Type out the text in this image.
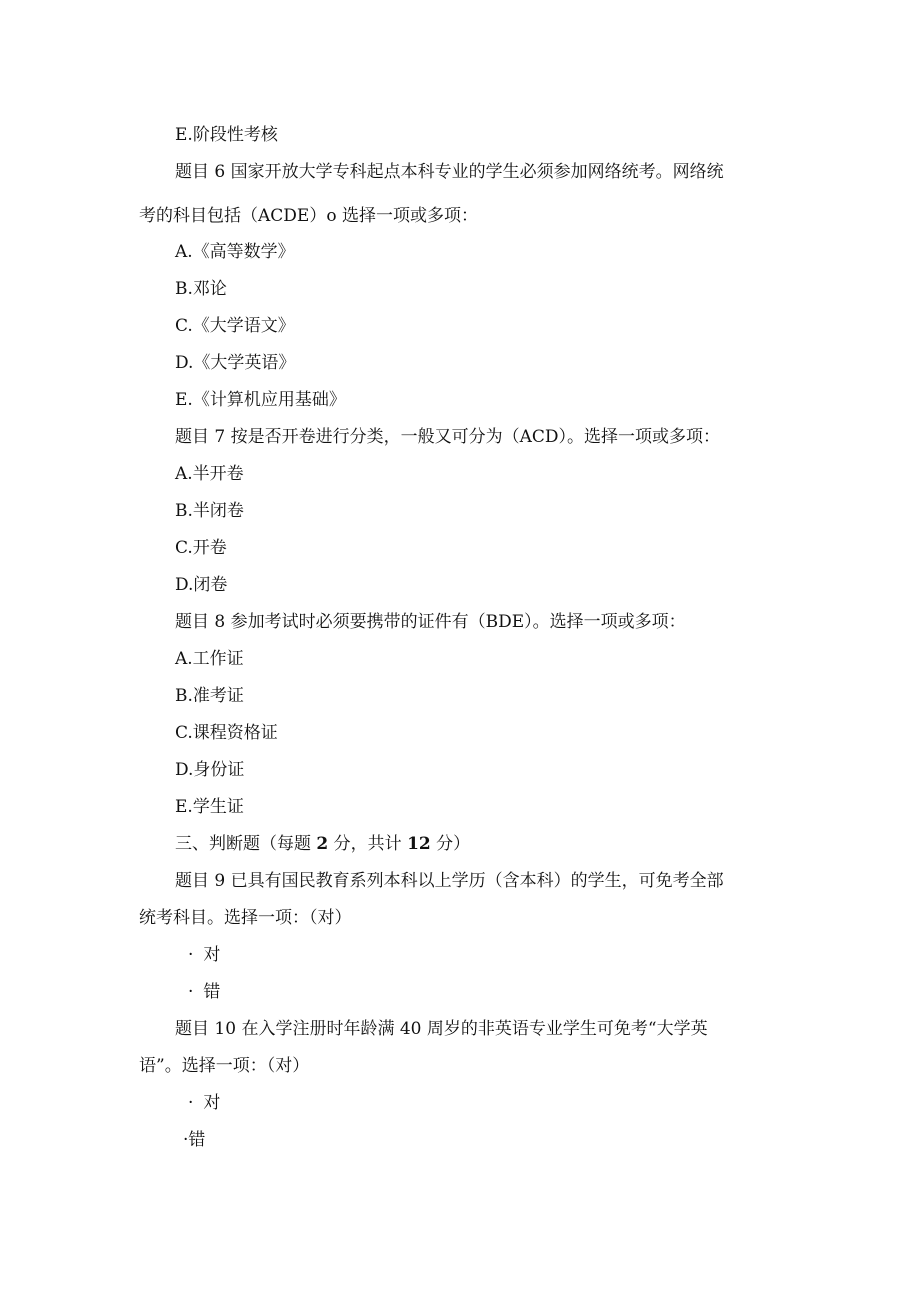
E.阶段性考核
题目 6 国家开放大学专科起点本科专业的学生必须参加网络统考。网络统
考的科目包括（ACDE）o 选择一项或多项：
A.《高等数学》
B.邓论
C.《大学语文》
D.《大学英语》
E.《计算机应用基础》
题目 7 按是否开卷进行分类，一般又可分为（ACD）。选择一项或多项：
A.半开卷
B.半闭卷
C.开卷
D.闭卷
题目 8 参加考试时必须要携带的证件有（BDE）。选择一项或多项：
A.工作证
B.准考证
C.课程资格证
D.身份证
E.学生证
三、判断题（每题 2 分，共计 12 分）
题目 9 已具有国民教育系列本科以上学历（含本科）的学生，可免考全部
统考科目。选择一项：（对）
· 对
· 错
题目 10 在入学注册时年龄满 40 周岁的非英语专业学生可免考“大学英
语”。选择一项：（对）
· 对
·错
